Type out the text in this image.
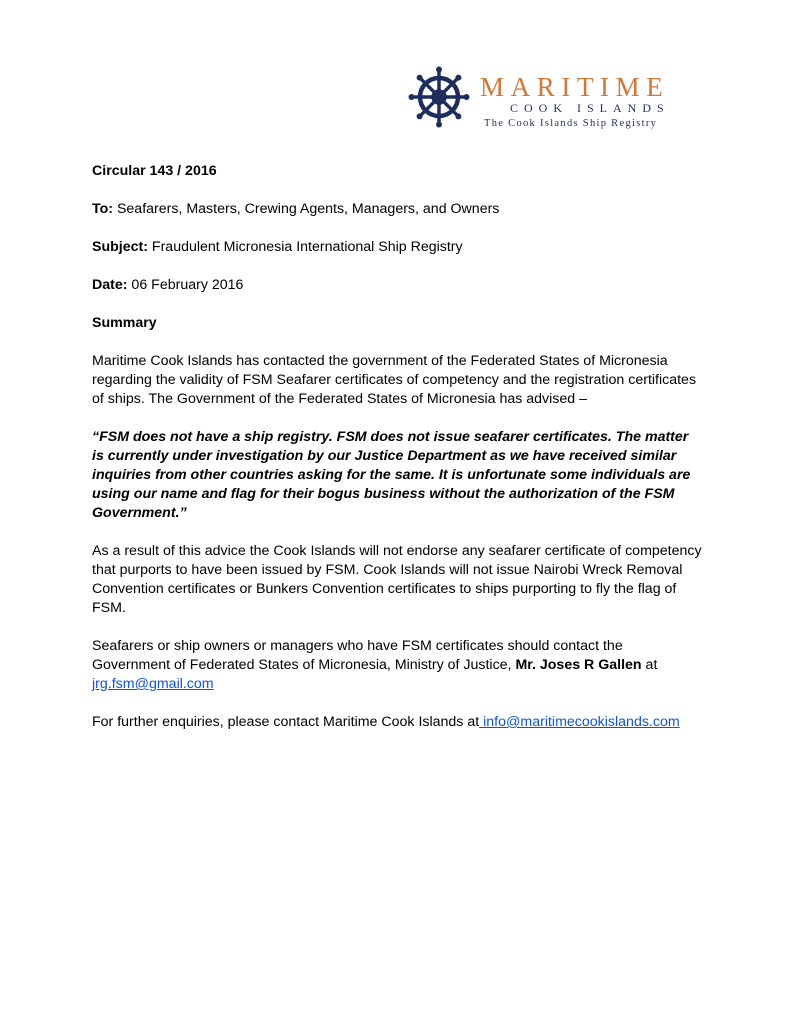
MARITIME
COOK ISLANDS
The Cook Islands Ship Registry

Circular 143 / 2016

To: Seafarers, Masters, Crewing Agents, Managers, and Owners

Subject: Fraudulent Micronesia International Ship Registry

Date: 06 February 2016

Summary

Maritime Cook Islands has contacted the government of the Federated States of Micronesia regarding the validity of FSM Seafarer certificates of competency and the registration certificates of ships. The Government of the Federated States of Micronesia has advised –

“FSM does not have a ship registry. FSM does not issue seafarer certificates. The matter is currently under investigation by our Justice Department as we have received similar inquiries from other countries asking for the same. It is unfortunate some individuals are using our name and flag for their bogus business without the authorization of the FSM Government.”

As a result of this advice the Cook Islands will not endorse any seafarer certificate of competency that purports to have been issued by FSM. Cook Islands will not issue Nairobi Wreck Removal Convention certificates or Bunkers Convention certificates to ships purporting to fly the flag of FSM.

Seafarers or ship owners or managers who have FSM certificates should contact the Government of Federated States of Micronesia, Ministry of Justice, Mr. Joses R Gallen at
jrg.fsm@gmail.com

For further enquiries, please contact Maritime Cook Islands at info@maritimecookislands.com
